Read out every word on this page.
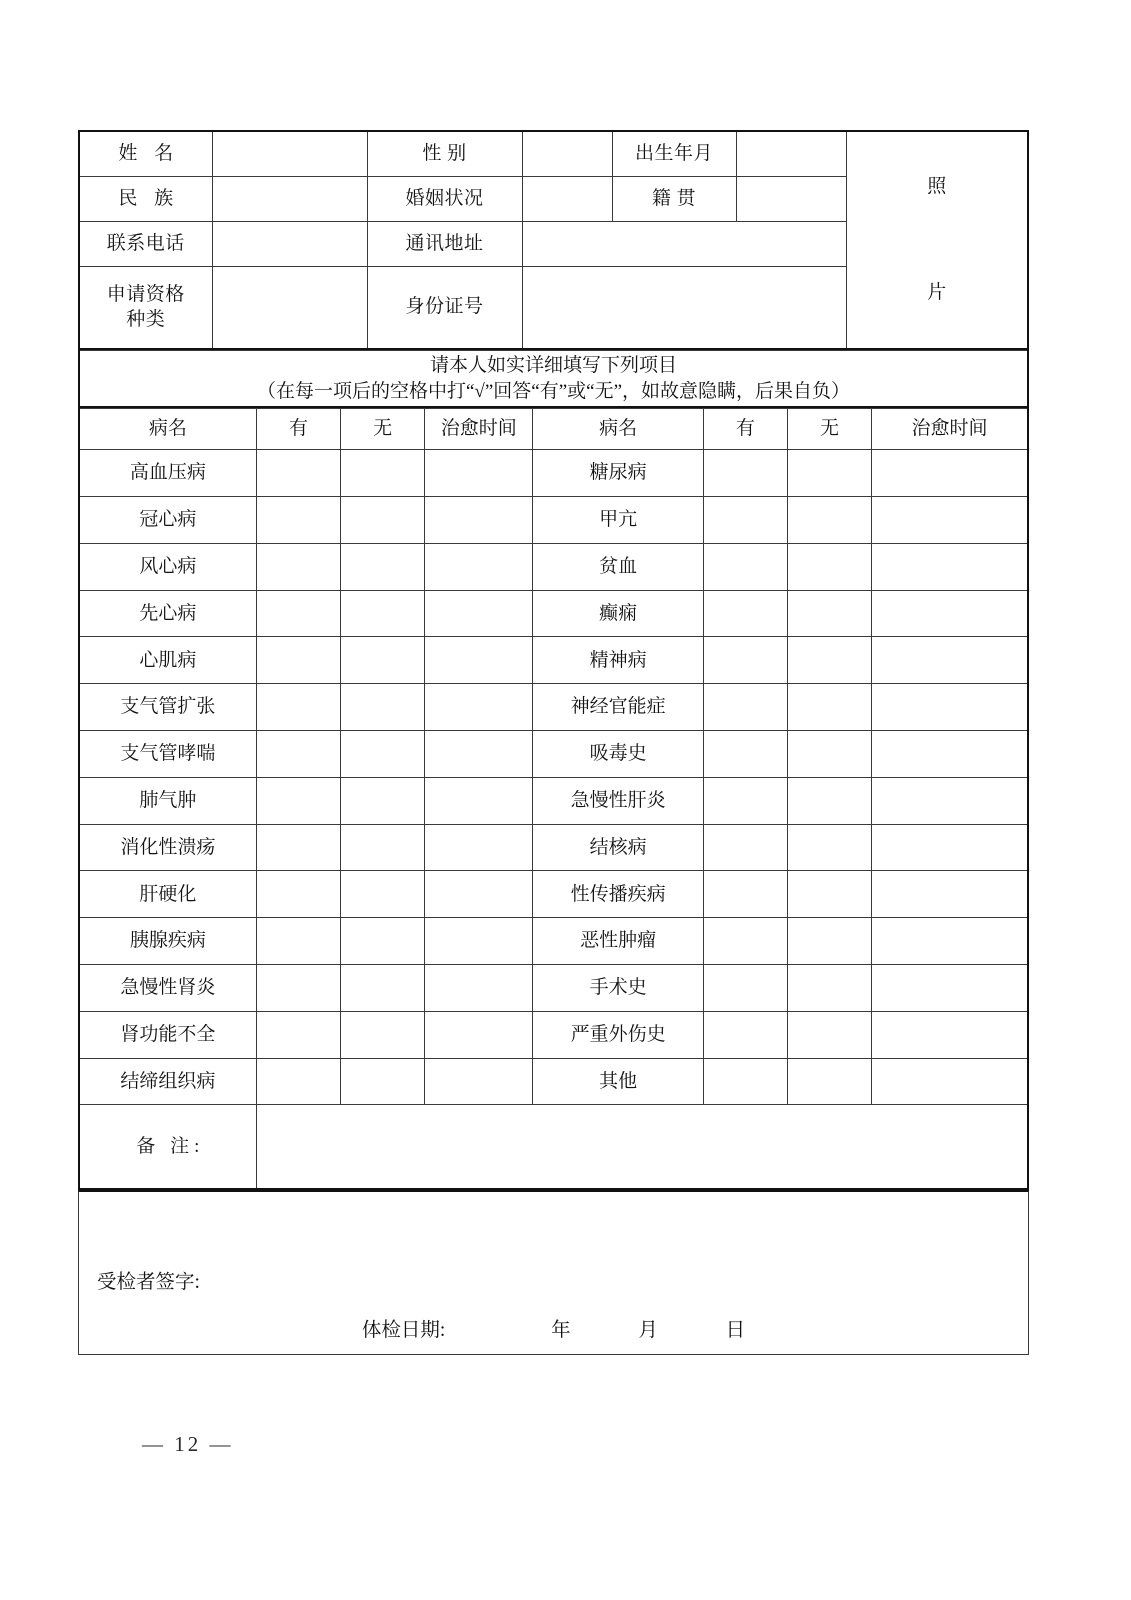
姓 名		性 别		出生年月		照
片

民 族		婚姻状况		籍 贯		
联系电话		通讯地址				
申请资格
种类		身份证号				
请本人如实详细填写下列项目
（在每一项后的空格中打“√”回答“有”或“无”，如故意隐瞒，后果自负）
病名	有	无	治愈时间	病名	有	无	治愈时间
高血压病				糖尿病			
冠心病				甲亢			
风心病				贫血			
先心病				癫痫			
心肌病				精神病			
支气管扩张				神经官能症			
支气管哮喘				吸毒史			
肺气肿				急慢性肝炎			
消化性溃疡				结核病			
肝硬化				性传播疾病			
胰腺疾病				恶性肿瘤			
急慢性肾炎				手术史			
肾功能不全				严重外伤史			
结缔组织病				其他			
备 注:							
受检者签字:
体检日期:	年	月	日
— 12 —
